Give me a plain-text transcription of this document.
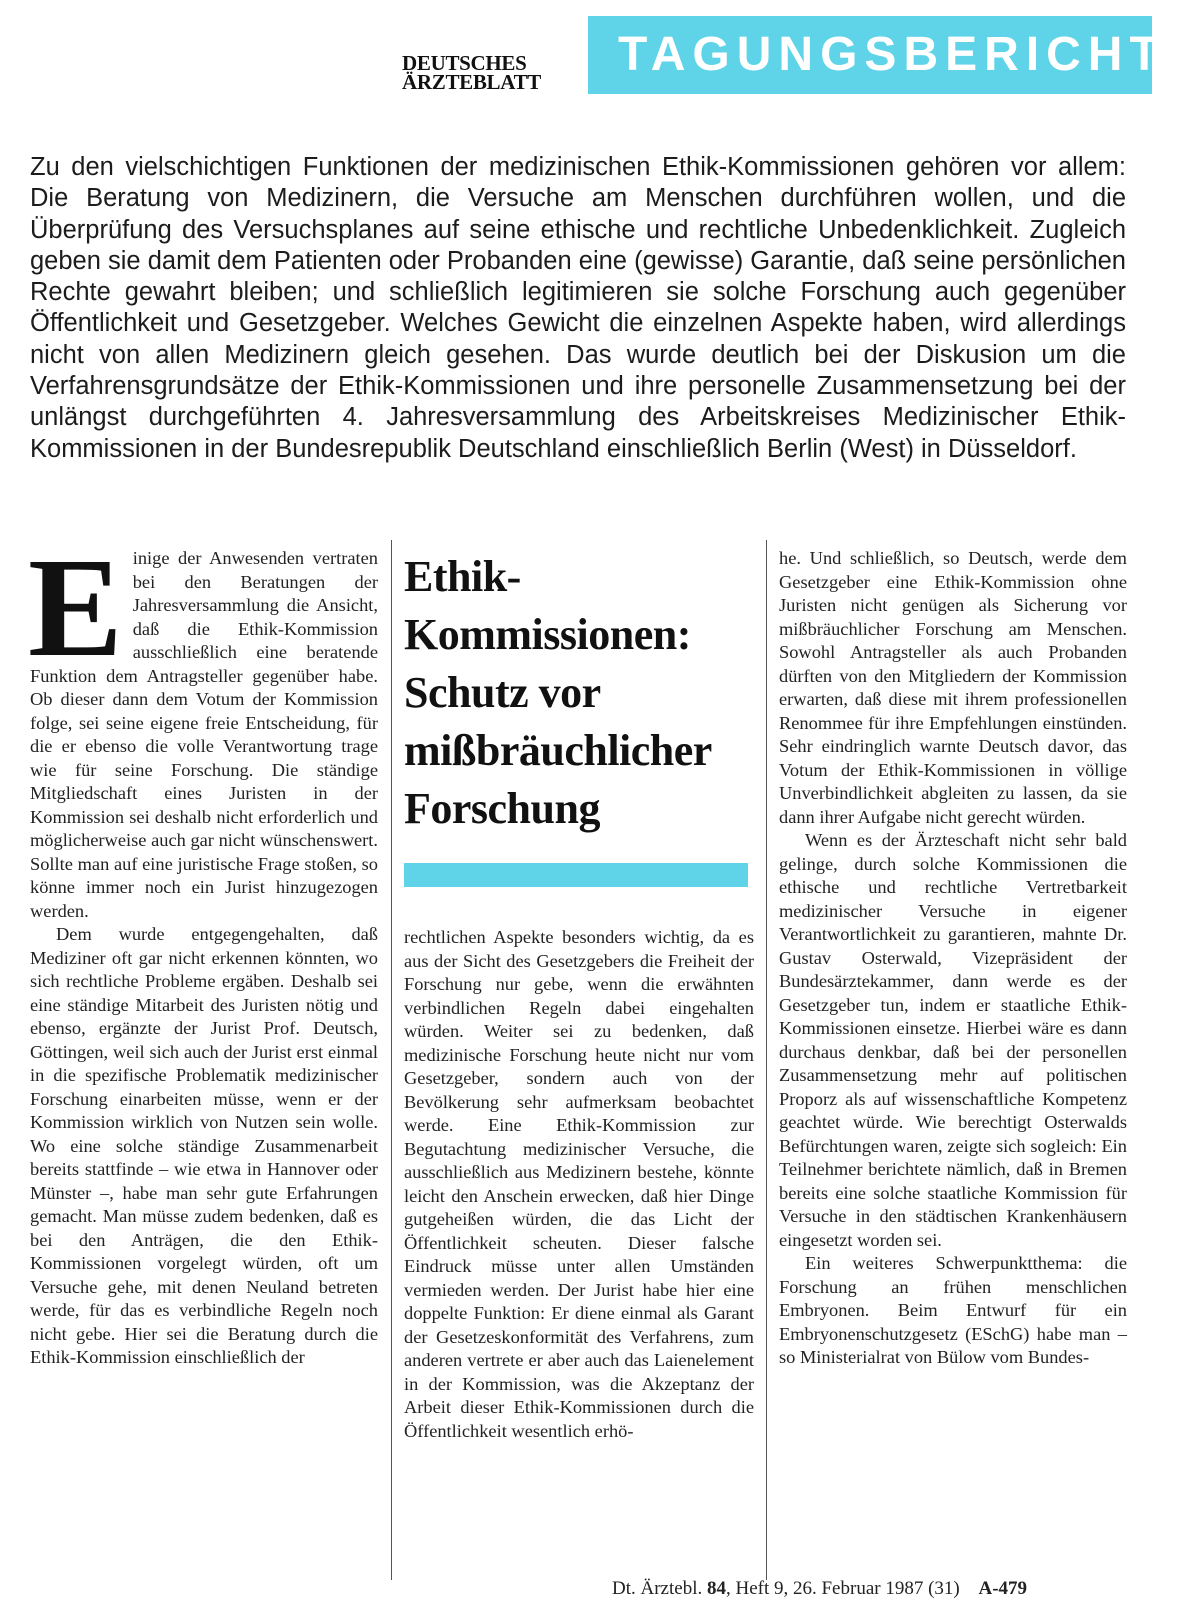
DEUTSCHES
ÄRZTEBLATT
TAGUNGSBERICHT
Zu den vielschichtigen Funktionen der medizinischen Ethik-Kommissionen gehören vor allem: Die Beratung von Medizinern, die Versuche am Menschen durchführen wollen, und die Überprüfung des Versuchsplanes auf seine ethische und rechtliche Unbedenklichkeit. Zugleich geben sie damit dem Patienten oder Probanden eine (gewisse) Garantie, daß seine persönlichen Rechte gewahrt bleiben; und schließlich legitimieren sie solche Forschung auch gegenüber Öffentlichkeit und Gesetzgeber. Welches Gewicht die einzelnen Aspekte haben, wird allerdings nicht von allen Medizinern gleich gesehen. Das wurde deutlich bei der Diskusion um die Verfahrensgrundsätze der Ethik-Kommissionen und ihre personelle Zusammensetzung bei der unlängst durchgeführten 4. Jahresversammlung des Arbeitskreises Medizinischer Ethik-Kommissionen in der Bundesrepublik Deutschland einschließlich Berlin (West) in Düsseldorf.

Einige der Anwesenden vertraten bei den Beratungen der Jahresversammlung die Ansicht, daß die Ethik-Kommission ausschließlich eine beratende Funktion dem Antragsteller gegenüber habe. Ob dieser dann dem Votum der Kommission folge, sei seine eigene freie Entscheidung, für die er ebenso die volle Verantwortung trage wie für seine Forschung. Die ständige Mitgliedschaft eines Juristen in der Kommission sei deshalb nicht erforderlich und möglicherweise auch gar nicht wünschenswert. Sollte man auf eine juristische Frage stoßen, so könne immer noch ein Jurist hinzugezogen werden.

Dem wurde entgegengehalten, daß Mediziner oft gar nicht erkennen könnten, wo sich rechtliche Probleme ergäben. Deshalb sei eine ständige Mitarbeit des Juristen nötig und ebenso, ergänzte der Jurist Prof. Deutsch, Göttingen, weil sich auch der Jurist erst einmal in die spezifische Problematik medizinischer Forschung einarbeiten müsse, wenn er der Kommission wirklich von Nutzen sein wolle. Wo eine solche ständige Zusammenarbeit bereits stattfinde – wie etwa in Hannover oder Münster –, habe man sehr gute Erfahrungen gemacht. Man müsse zudem bedenken, daß es bei den Anträgen, die den Ethik-Kommissionen vorgelegt würden, oft um Versuche gehe, mit denen Neuland betreten werde, für das es verbindliche Regeln noch nicht gebe. Hier sei die Beratung durch die Ethik-Kommission einschließlich der

Ethik-
Kommissionen:
Schutz vor
mißbräuchlicher
Forschung

rechtlichen Aspekte besonders wichtig, da es aus der Sicht des Gesetzgebers die Freiheit der Forschung nur gebe, wenn die erwähnten verbindlichen Regeln dabei eingehalten würden. Weiter sei zu bedenken, daß medizinische Forschung heute nicht nur vom Gesetzgeber, sondern auch von der Bevölkerung sehr aufmerksam beobachtet werde. Eine Ethik-Kommission zur Begutachtung medizinischer Versuche, die ausschließlich aus Medizinern bestehe, könnte leicht den Anschein erwecken, daß hier Dinge gutgeheißen würden, die das Licht der Öffentlichkeit scheuten. Dieser falsche Eindruck müsse unter allen Umständen vermieden werden. Der Jurist habe hier eine doppelte Funktion: Er diene einmal als Garant der Gesetzeskonformität des Verfahrens, zum anderen vertrete er aber auch das Laienelement in der Kommission, was die Akzeptanz der Arbeit dieser Ethik-Kommissionen durch die Öffentlichkeit wesentlich erhö-

he. Und schließlich, so Deutsch, werde dem Gesetzgeber eine Ethik-Kommission ohne Juristen nicht genügen als Sicherung vor mißbräuchlicher Forschung am Menschen. Sowohl Antragsteller als auch Probanden dürften von den Mitgliedern der Kommission erwarten, daß diese mit ihrem professionellen Renommee für ihre Empfehlungen einstünden. Sehr eindringlich warnte Deutsch davor, das Votum der Ethik-Kommissionen in völlige Unverbindlichkeit abgleiten zu lassen, da sie dann ihrer Aufgabe nicht gerecht würden.

Wenn es der Ärzteschaft nicht sehr bald gelinge, durch solche Kommissionen die ethische und rechtliche Vertretbarkeit medizinischer Versuche in eigener Verantwortlichkeit zu garantieren, mahnte Dr. Gustav Osterwald, Vizepräsident der Bundesärztekammer, dann werde es der Gesetzgeber tun, indem er staatliche Ethik-Kommissionen einsetze. Hierbei wäre es dann durchaus denkbar, daß bei der personellen Zusammensetzung mehr auf politischen Proporz als auf wissenschaftliche Kompetenz geachtet würde. Wie berechtigt Osterwalds Befürchtungen waren, zeigte sich sogleich: Ein Teilnehmer berichtete nämlich, daß in Bremen bereits eine solche staatliche Kommission für Versuche in den städtischen Krankenhäusern eingesetzt worden sei.

Ein weiteres Schwerpunktthema: die Forschung an frühen menschlichen Embryonen. Beim Entwurf für ein Embryonenschutzgesetz (ESchG) habe man – so Ministerialrat von Bülow vom Bundes-

Dt. Ärztebl. 84, Heft 9, 26. Februar 1987 (31) A-479
